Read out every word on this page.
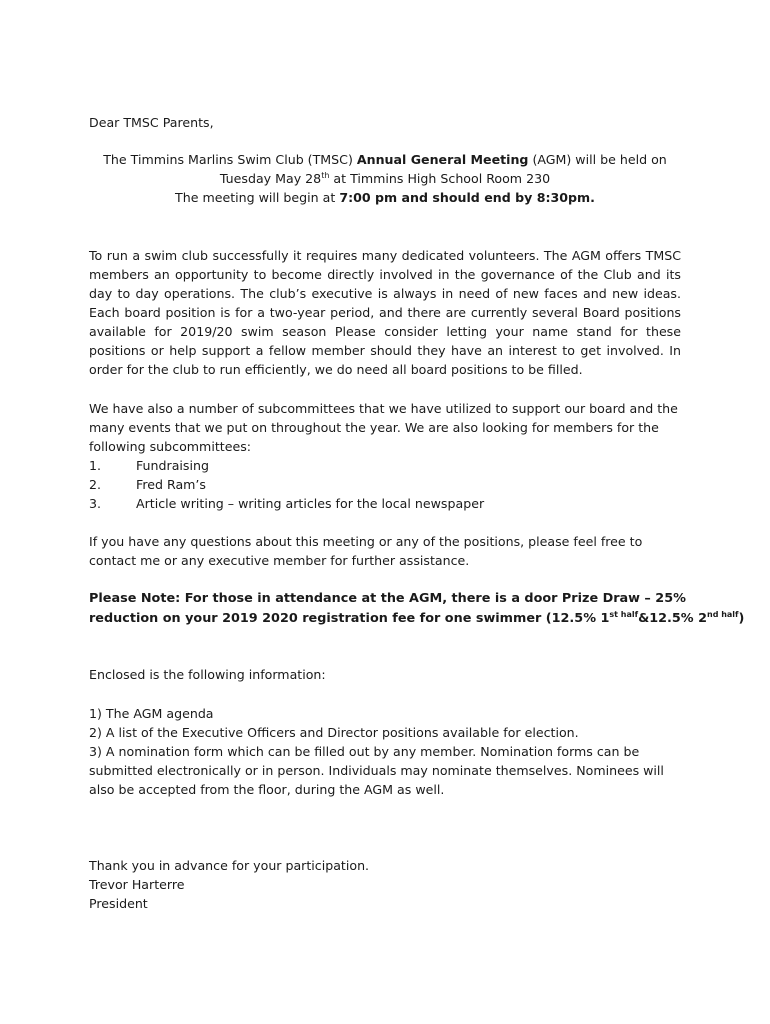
Dear TMSC Parents,
The Timmins Marlins Swim Club (TMSC) Annual General Meeting (AGM) will be held on
Tuesday May 28th at Timmins High School Room 230
The meeting will begin at 7:00 pm and should end by 8:30pm.
To run a swim club successfully it requires many dedicated volunteers. The AGM offers TMSC members an opportunity to become directly involved in the governance of the Club and its day to day operations. The club’s executive is always in need of new faces and new ideas. Each board position is for a two-year period, and there are currently several Board positions available for 2019/20 swim season Please consider letting your name stand for these positions or help support a fellow member should they have an interest to get involved. In order for the club to run efficiently, we do need all board positions to be filled.
We have also a number of subcommittees that we have utilized to support our board and the many events that we put on throughout the year. We are also looking for members for the following subcommittees:
1.	Fundraising
2.	Fred Ram’s
3.	Article writing – writing articles for the local newspaper
If you have any questions about this meeting or any of the positions, please feel free to contact me or any executive member for further assistance.
Please Note: For those in attendance at the AGM, there is a door Prize Draw – 25%
reduction on your 2019 2020 registration fee for one swimmer (12.5% $1^{st half}\&12.5\%$ $2^{nd half}$)
Enclosed is the following information:
1) The AGM agenda
2) A list of the Executive Officers and Director positions available for election.
3) A nomination form which can be filled out by any member. Nomination forms can be submitted electronically or in person. Individuals may nominate themselves. Nominees will also be accepted from the floor, during the AGM as well.
Thank you in advance for your participation.
Trevor Harterre
President
